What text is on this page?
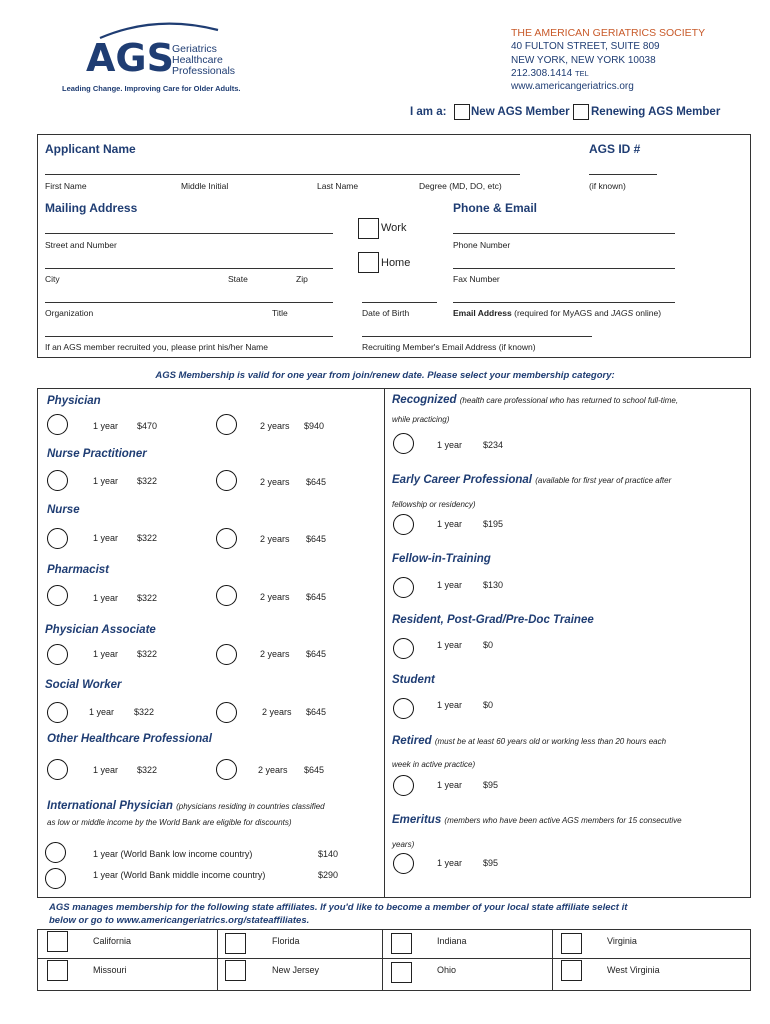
AGS
Geriatrics
Healthcare
Professionals
Leading Change. Improving Care for Older Adults.
THE AMERICAN GERIATRICS SOCIETY
40 FULTON STREET, SUITE 809
NEW YORK, NEW YORK 10038
212.308.1414 TEL
www.americangeriatrics.org
I am a: New AGS Member Renewing AGS Member
Applicant Name	AGS ID #
First Name	Middle Initial	Last Name	Degree (MD, DO, etc)	(if known)
Mailing Address	Phone & Email
Street and Number
City	State	Zip
Organization	Title
If an AGS member recruited you, please print his/her Name
Work
Home
Date of Birth
Recruiting Member's Email Address (if known)
Phone Number
Fax Number
Email Address (required for MyAGS and JAGS online)
AGS Membership is valid for one year from join/renew date. Please select your membership category:
Physician
1 year $470	2 years $940
Nurse Practitioner
1 year $322	2 years $645
Nurse
1 year $322	2 years $645
Pharmacist
1 year $322	2 years $645
Physician Associate
1 year $322	2 years $645
Social Worker
1 year $322	2 years $645
Other Healthcare Professional
1 year $322	2 years $645
International Physician (physicians residing in countries classified
as low or middle income by the World Bank are eligible for discounts)
1 year (World Bank low income country)	$140
1 year (World Bank middle income country)	$290
Recognized (health care professional who has returned to school full-time,
while practicing)
1 year $234
Early Career Professional (available for first year of practice after
fellowship or residency)
1 year $195
Fellow-in-Training
1 year $130
Resident, Post-Grad/Pre-Doc Trainee
1 year $0
Student
1 year $0
Retired (must be at least 60 years old or working less than 20 hours each
week in active practice)
1 year $95
Emeritus (members who have been active AGS members for 15 consecutive
years)
1 year $95
AGS manages membership for the following state affiliates. If you'd like to become a member of your local state affiliate select it
below or go to www.americangeriatrics.org/stateaffiliates.
California	Florida	Indiana	Virginia
Missouri	New Jersey	Ohio	West Virginia
